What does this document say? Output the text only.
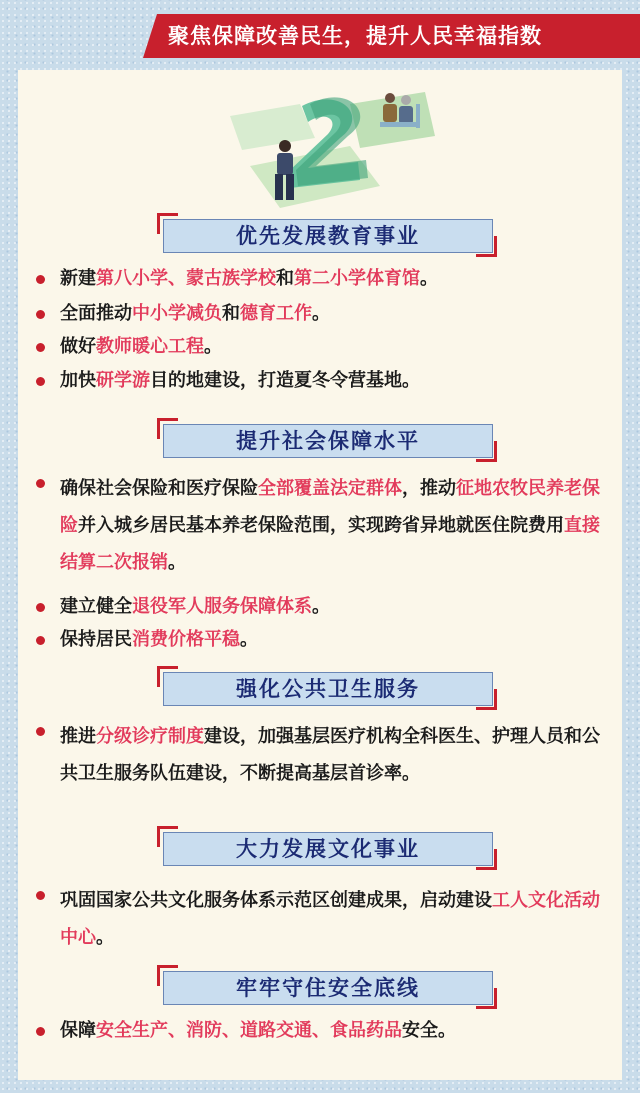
聚焦保障改善民生，提升人民幸福指数
优先发展教育事业
新建第八小学、蒙古族学校和第二小学体育馆。
全面推动中小学减负和德育工作。
做好教师暖心工程。
加快研学游目的地建设，打造夏冬令营基地。
提升社会保障水平
确保社会保险和医疗保险全部覆盖法定群体，推动征地农牧民养老保险并入城乡居民基本养老保险范围，实现跨省异地就医住院费用直接结算二次报销。
建立健全退役军人服务保障体系。
保持居民消费价格平稳。
强化公共卫生服务
推进分级诊疗制度建设，加强基层医疗机构全科医生、护理人员和公共卫生服务队伍建设，不断提高基层首诊率。
大力发展文化事业
巩固国家公共文化服务体系示范区创建成果，启动建设工人文化活动中心。
牢牢守住安全底线
保障安全生产、消防、道路交通、食品药品安全。
